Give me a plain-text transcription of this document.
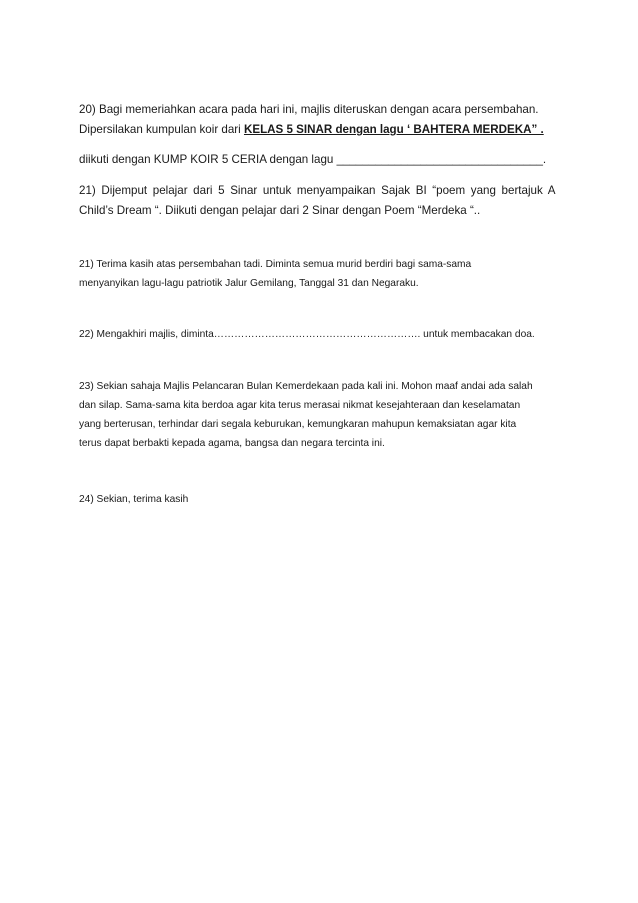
20) Bagi memeriahkan acara pada hari ini, majlis diteruskan dengan acara persembahan.
Dipersilakan kumpulan koir dari KELAS 5 SINAR dengan lagu ‘ BAHTERA MERDEKA” .
diikuti dengan KUMP KOIR 5 CERIA dengan lagu ________________________________.
21) Dijemput pelajar dari 5 Sinar untuk menyampaikan Sajak BI “poem yang bertajuk A
Child’s Dream “. Diikuti dengan pelajar dari 2 Sinar dengan Poem “Merdeka “..
21) Terima kasih atas persembahan tadi. Diminta semua murid berdiri bagi sama-sama
menyanyikan lagu-lagu patriotik Jalur Gemilang, Tanggal 31 dan Negaraku.
22) Mengakhiri majlis, diminta……………………………………………………. untuk membacakan doa.
23) Sekian sahaja Majlis Pelancaran Bulan Kemerdekaan pada kali ini. Mohon maaf andai ada salah
dan silap. Sama-sama kita berdoa agar kita terus merasai nikmat kesejahteraan dan keselamatan
yang berterusan, terhindar dari segala keburukan, kemungkaran mahupun kemaksiatan agar kita
terus dapat berbakti kepada agama, bangsa dan negara tercinta ini.
24) Sekian, terima kasih
